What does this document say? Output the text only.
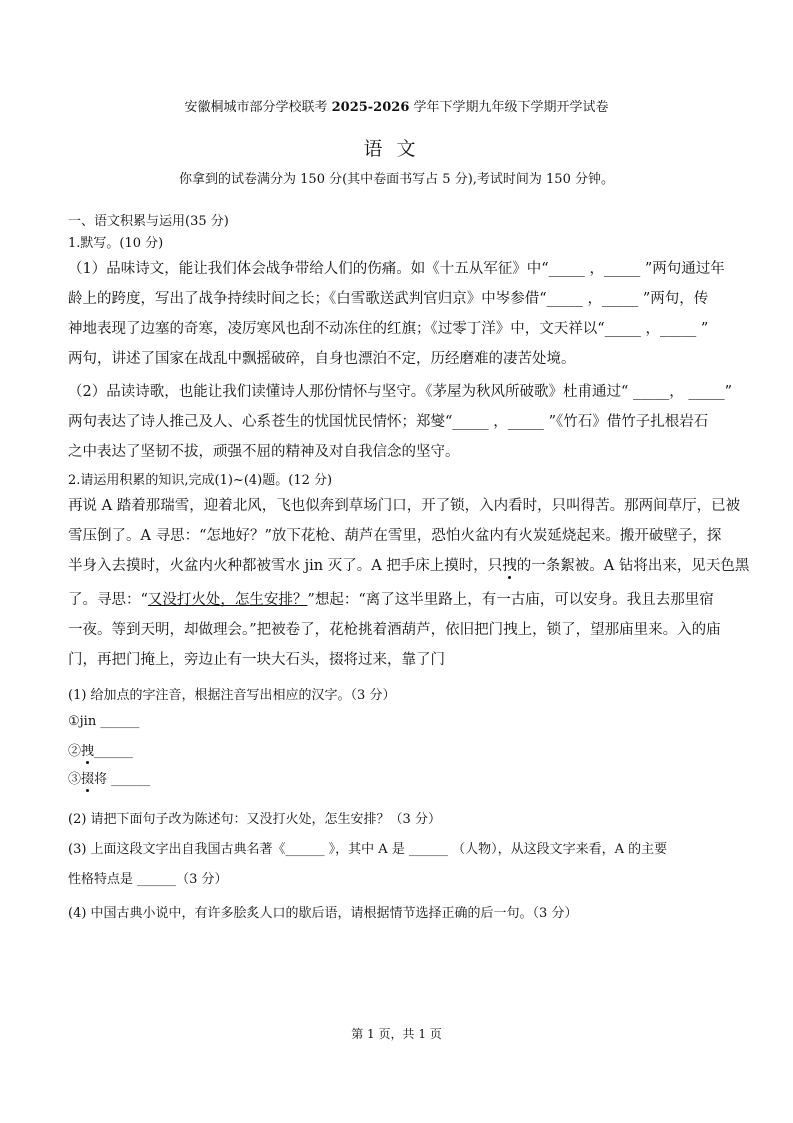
安徽桐城市部分学校联考 2025-2026 学年下学期九年级下学期开学试卷
语文
你拿到的试卷满分为 150 分(其中卷面书写占 5 分),考试时间为 150 分钟。
一、语文积累与运用(35 分)
1.默写。(10 分)
（1）品味诗文，能让我们体会战争带给人们的伤痛。如《十五从军征》中“_____ ，_____ ”两句通过年
龄上的跨度，写出了战争持续时间之长；《白雪歌送武判官归京》中岑参借“_____ ，_____ ”两句，传
神地表现了边塞的奇寒，凌厉寒风也刮不动冻住的红旗；《过零丁洋》中，文天祥以“_____ ，_____ ”
两句，讲述了国家在战乱中飘摇破碎，自身也漂泊不定，历经磨难的凄苦处境。
（2）品读诗歌，也能让我们读懂诗人那份情怀与坚守。《茅屋为秋风所破歌》杜甫通过“ _____， _____”
两句表达了诗人推己及人、心系苍生的忧国忧民情怀；郑燮“_____ ，_____ ”《竹石》借竹子扎根岩石
之中表达了坚韧不拔，顽强不屈的精神及对自我信念的坚守。
2.请运用积累的知识,完成(1)~(4)题。(12 分)
再说 A 踏着那瑞雪，迎着北风，飞也似奔到草场门口，开了锁，入内看时，只叫得苦。那两间草厅，已被
雪压倒了。A 寻思：“怎地好？”放下花枪、葫芦在雪里，恐怕火盆内有火炭延烧起来。搬开破壁子，探
半身入去摸时，火盆内火种都被雪水 jin 灭了。A 把手床上摸时，只拽的一条絮被。A 钻将出来，见天色黑
了。寻思：“又没打火处，怎生安排？”想起：“离了这半里路上，有一古庙，可以安身。我且去那里宿
一夜。等到天明，却做理会。”把被卷了，花枪挑着酒葫芦，依旧把门拽上，锁了，望那庙里来。入的庙
门，再把门掩上，旁边止有一块大石头，掇将过来，靠了门
(1) 给加点的字注音，根据注音写出相应的汉字。（3 分）
①jin ______
②拽______
③掇将 ______
(2) 请把下面句子改为陈述句：又没打火处，怎生安排？（3 分）
(3) 上面这段文字出自我国古典名著《______ 》，其中 A 是 ______ （人物），从这段文字来看，A 的主要
性格特点是 ______（3 分）
(4) 中国古典小说中，有许多脍炙人口的歇后语，请根据情节选择正确的后一句。（3 分）
第 1 页，共 1 页
